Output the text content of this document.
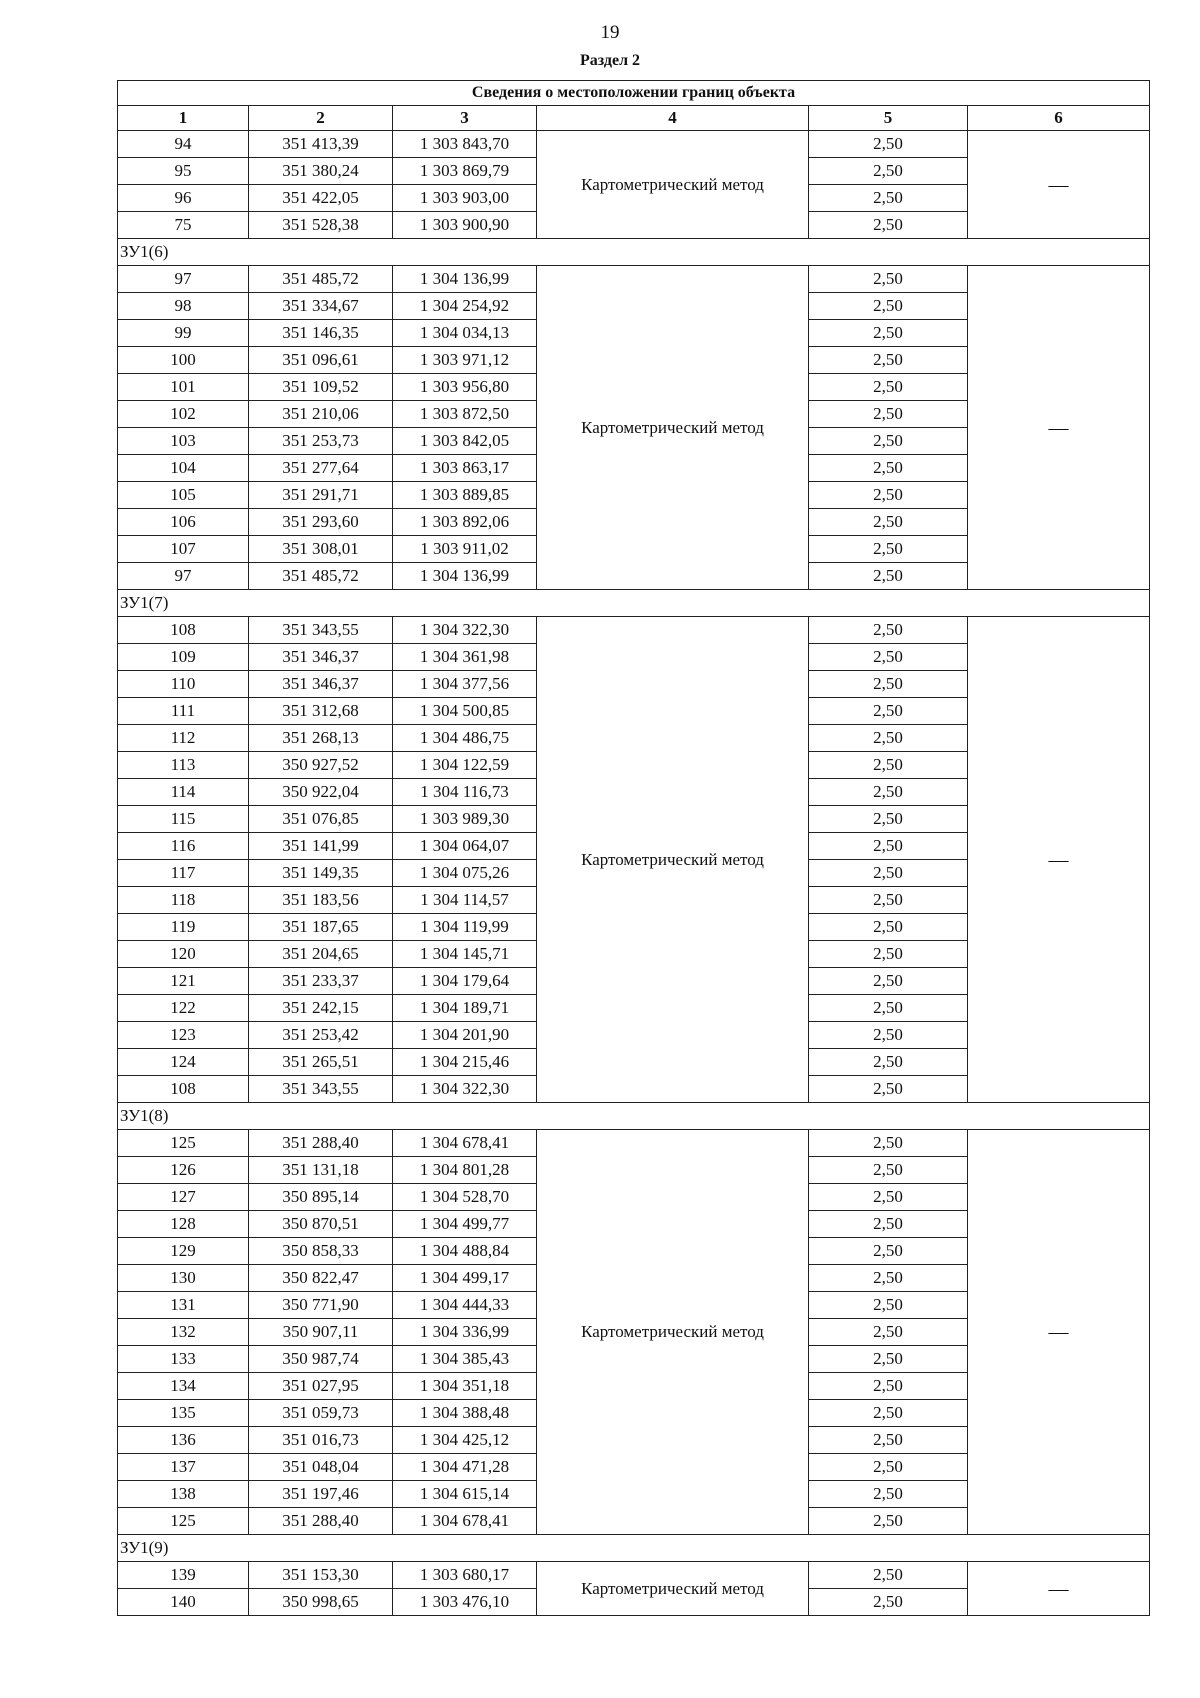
19
Раздел 2
Сведения о местоположении границ объекта					
1	2	3	4	5	6
94	351 413,39	1 303 843,70	Картометрический метод	2,50	—
95	351 380,24	1 303 869,79		2,50	
96	351 422,05	1 303 903,00		2,50	
75	351 528,38	1 303 900,90		2,50	
ЗУ1(6)					
97	351 485,72	1 304 136,99	Картометрический метод	2,50	—
98	351 334,67	1 304 254,92		2,50	
99	351 146,35	1 304 034,13		2,50	
100	351 096,61	1 303 971,12		2,50	
101	351 109,52	1 303 956,80		2,50	
102	351 210,06	1 303 872,50		2,50	
103	351 253,73	1 303 842,05		2,50	
104	351 277,64	1 303 863,17		2,50	
105	351 291,71	1 303 889,85		2,50	
106	351 293,60	1 303 892,06		2,50	
107	351 308,01	1 303 911,02		2,50	
97	351 485,72	1 304 136,99		2,50	
ЗУ1(7)					
108	351 343,55	1 304 322,30	Картометрический метод	2,50	—
109	351 346,37	1 304 361,98		2,50	
110	351 346,37	1 304 377,56		2,50	
111	351 312,68	1 304 500,85		2,50	
112	351 268,13	1 304 486,75		2,50	
113	350 927,52	1 304 122,59		2,50	
114	350 922,04	1 304 116,73		2,50	
115	351 076,85	1 303 989,30		2,50	
116	351 141,99	1 304 064,07		2,50	
117	351 149,35	1 304 075,26		2,50	
118	351 183,56	1 304 114,57		2,50	
119	351 187,65	1 304 119,99		2,50	
120	351 204,65	1 304 145,71		2,50	
121	351 233,37	1 304 179,64		2,50	
122	351 242,15	1 304 189,71		2,50	
123	351 253,42	1 304 201,90		2,50	
124	351 265,51	1 304 215,46		2,50	
108	351 343,55	1 304 322,30		2,50	
ЗУ1(8)					
125	351 288,40	1 304 678,41	Картометрический метод	2,50	—
126	351 131,18	1 304 801,28		2,50	
127	350 895,14	1 304 528,70		2,50	
128	350 870,51	1 304 499,77		2,50	
129	350 858,33	1 304 488,84		2,50	
130	350 822,47	1 304 499,17		2,50	
131	350 771,90	1 304 444,33		2,50	
132	350 907,11	1 304 336,99		2,50	
133	350 987,74	1 304 385,43		2,50	
134	351 027,95	1 304 351,18		2,50	
135	351 059,73	1 304 388,48		2,50	
136	351 016,73	1 304 425,12		2,50	
137	351 048,04	1 304 471,28		2,50	
138	351 197,46	1 304 615,14		2,50	
125	351 288,40	1 304 678,41		2,50	
ЗУ1(9)					
139	351 153,30	1 303 680,17	Картометрический метод	2,50	—
140	350 998,65	1 303 476,10		2,50	
